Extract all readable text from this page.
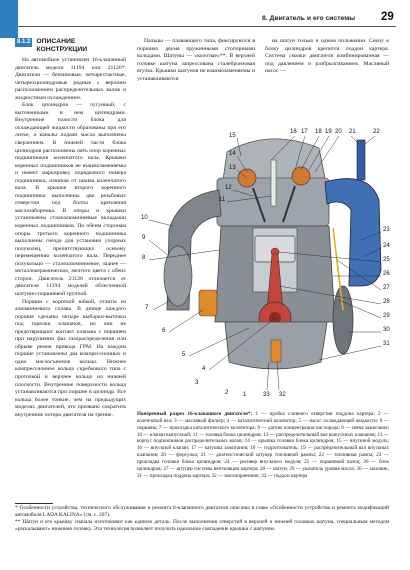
8. Двигатель и его системы 29
8.1.2 ОПИСАНИЕ КОНСТРУКЦИИ

На автомобиле установлен 16-клапанный двигатель модели 11194 или 21126*. Двигатели — бензиновые, четырехтактные, четырехцилиндровые рядные с верхним расположением распределительных валов и жидкостным охлаждением.

Блок цилиндров — чугунный, с выточенными в нем цилиндрами. Внутренние полости блока для охлаждающей жидкости образованы при его литье, а каналы подачи масла выполнены сверлением. В нижней части блока цилиндров расположены пять опор коренных подшипников коленчатого вала. Крышки коренных подшипников не взаимозаменяемы и имеют маркировку порядкового номера подшипника, начиная от шкива коленчатого вала. В крышке второго коренного подшипника выполнены два резьбовых отверстия под болты крепления маслозаборника. В опоры и крышки установлены сталеалюминиевые вкладыши коренных подшипников. По обеим сторонам опоры третьего коренного подшипника выполнены гнезда для установки упорных полуколец, препятствующих осевому перемещению коленчатого вала. Переднее полукольцо — сталеалюминиевое, заднее — металлокерамическое, желтого цвета с обеих сторон. Двигатель 21126 отличается от двигателя 11194 моделей облегченной шатунно-поршневой группой.

Поршни с короткой юбкой, отлиты из алюминиевого сплава. В днище каждого поршня сделаны четыре выборки-выточки под тарелки клапанов, но они не предотвращают контакт клапана с поршнем при нарушении фаз газораспределения или обрыве ремня привода ГРМ. На каждом поршне установлены два компрессионных и одно маслосъемное кольцо. Нижнее компрессионное кольцо скребкового типа с проточкой и верхнее кольцо на нижней плоскости. Внутренние поверхности кольца устанавливаются при поршне в цилиндр. Все кольца более тонкие, чем на предыдущих моделях двигателей, что призвано сократить внутренние потери двигателя на трение.

Пальцы — плавающего типа, фиксируются в поршнях двумя пружинными стопорными кольцами. Шатуны — «колотые»**. В верхней головке шатуна запрессована сталебронзовая втулка. Крышки шатунов не взаимозаменяемы и устанавливаются

на шатун только в одном положении. Снизу к блоку цилиндров крепится поддон картера. Система смазки двигателя комбинированная — под давлением и разбрызгиванием. Масляный насос —

16 17 18 19 20 21	22
15
14
13
12
11
10
9
8
7
6
5
4
3
2 1
23
24
25
26
27
28
29
30
31
32
33
Поперечный разрез 16-клапанного двигателя*: 1 — пробка сливного отверстия поддона картера; 2 — коленчатый вал; 3 — масляный фильтр; 4 — каталитический коллектор; 5 — насос охлаждающей жидкости; 6 — поршень; 7 — прокладка каталитического коллектора; 8 — датчик концентрации кислорода; 9 — свеча зажигания; 10 — клапан выпускной; 11 — головка блока цилиндров; 12 — распределительный вал выпускных клапанов; 13 — корпус подшипников распределительных валов; 14 — крышка головки блока цилиндров; 15 — впускной модуль; 16 — впускной клапан; 17 — катушка зажигания; 18 — гидротолкатель; 19 — распределительный вал впускных клапанов; 20 — форсунка; 21 — диагностический штуцер топливной рампы; 22 — топливная рампа; 23 — прокладка головки блока цилиндров; 24 — ресивер впускного модуля; 25 — поршневой палец; 26 — блок цилиндров; 27 — штуцер системы вентиляции картера; 28 — шатун; 29 — указатель уровня масла; 30 — маховик; 31 — прокладка поддона картера; 32 — маслоприемник; 33 — поддон картера

* Особенности устройства, технического обслуживания и ремонта 8-клапанного двигателя описаны в главе «Особенности устройства и ремонта модификаций автомобиля LADA KALINA» (см. с. 207).

** Шатун и его крышку сначала изготовляют как единую деталь. После выполнения отверстий в верхней и нижней головках шатуна, специальным методом «раскалывают» нижнюю головку. Эта технология позволяет получить идеальное совпадение крышки с шатуном.
